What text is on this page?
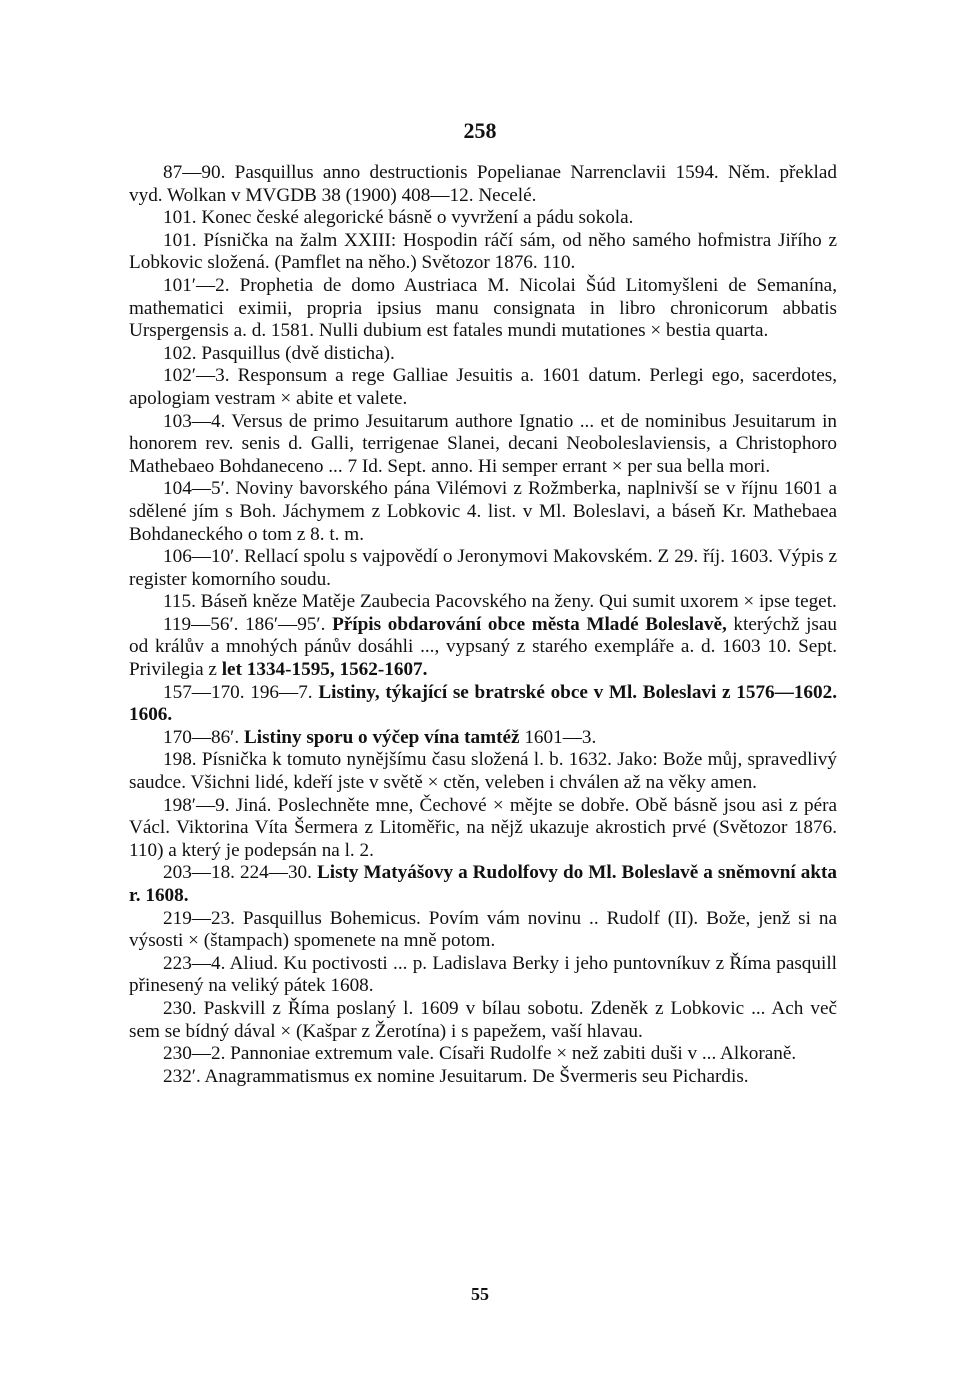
258

87—90. Pasquillus anno destructionis Popelianae Narrenclavii 1594. Něm. překlad vyd. Wolkan v MVGDB 38 (1900) 408—12. Necelé.

101. Konec české alegorické básně o vyvržení a pádu sokola.

101. Písnička na žalm XXIII: Hospodin ráčí sám, od něho samého hofmistra Jiřího z Lobkovic složená. (Pamflet na něho.) Světozor 1876. 110.

101′—2. Prophetia de domo Austriaca M. Nicolai Šúd Litomyšleni de Semanína, mathematici eximii, propria ipsius manu consignata in libro chronicorum abbatis Urspergensis a. d. 1581. Nulli dubium est fatales mundi mutationes × bestia quarta.

102. Pasquillus (dvě disticha).

102′—3. Responsum a rege Galliae Jesuitis a. 1601 datum. Perlegi ego, sacerdotes, apologiam vestram × abite et valete.

103—4. Versus de primo Jesuitarum authore Ignatio ... et de nominibus Jesuitarum in honorem rev. senis d. Galli, terrigenae Slanei, decani Neoboleslaviensis, a Christophoro Mathebaeo Bohdaneceno ... 7 Id. Sept. anno. Hi semper errant × per sua bella mori.

104—5′. Noviny bavorského pána Vilémovi z Rožmberka, naplnivší se v říjnu 1601 a sdělené jím s Boh. Jáchymem z Lobkovic 4. list. v Ml. Boleslavi, a báseň Kr. Mathebaea Bohdaneckého o tom z 8. t. m.

106—10′. Rellací spolu s vajpovědí o Jeronymovi Makovském. Z 29. říj. 1603. Výpis z register komorního soudu.

115. Báseň kněze Matěje Zaubecia Pacovského na ženy. Qui sumit uxorem × ipse teget.

119—56′. 186′—95′. Přípis obdarování obce města Mladé Boleslavě, kterýchž jsau od králův a mnohých pánův dosáhli ..., vypsaný z starého exempláře a. d. 1603 10. Sept. Privilegia z let 1334-1595, 1562-1607.

157—170. 196—7. Listiny, týkající se bratrské obce v Ml. Boleslavi z 1576—1602. 1606.

170—86′. Listiny sporu o výčep vína tamtéž 1601—3.

198. Písnička k tomuto nynějšímu času složená l. b. 1632. Jako: Bože můj, spravedlivý saudce. Všichni lidé, kdeří jste v světě × ctěn, veleben i chválen až na věky amen.

198′—9. Jiná. Poslechněte mne, Čechové × mějte se dobře. Obě básně jsou asi z péra Václ. Viktorina Víta Šermera z Litoměřic, na nějž ukazuje akrostich prvé (Světozor 1876. 110) a který je podepsán na l. 2.

203—18. 224—30. Listy Matyášovy a Rudolfovy do Ml. Boleslavě a sněmovní akta r. 1608.

219—23. Pasquillus Bohemicus. Povím vám novinu .. Rudolf (II). Bože, jenž si na výsosti × (štampach) spomenete na mně potom.

223—4. Aliud. Ku poctivosti ... p. Ladislava Berky i jeho puntovníkuv z Říma pasquill přinesený na veliký pátek 1608.

230. Paskvill z Říma poslaný l. 1609 v bílau sobotu. Zdeněk z Lobkovic ... Ach več sem se bídný dával × (Kašpar z Žerotína) i s papežem, vaší hlavau.

230—2. Pannoniae extremum vale. Císaři Rudolfe × než zabiti duši v ... Alkoraně.

232′. Anagrammatismus ex nomine Jesuitarum. De Švermeris seu Pichardis.

55
